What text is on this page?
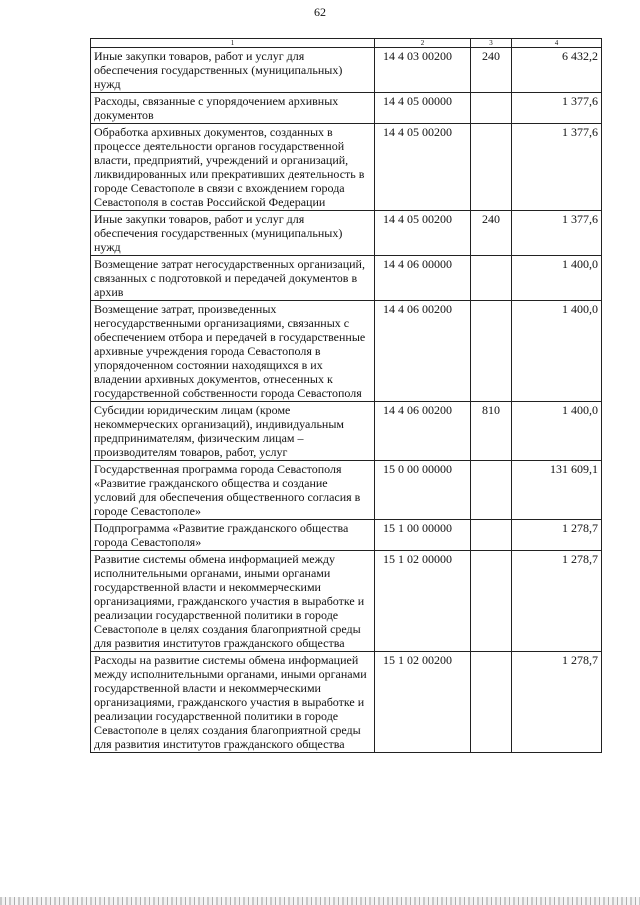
62
1	2	3	4
Иные закупки товаров, работ и услуг для обеспечения государственных (муниципальных) нужд	14 4 03 00200	240	6 432,2
Расходы, связанные с упорядочением архивных документов	14 4 05 00000		1 377,6
Обработка архивных документов, созданных в процессе деятельности органов государственной власти, предприятий, учреждений и организаций, ликвидированных или прекративших деятельность в городе Севастополе в связи с вхождением города Севастополя в состав Российской Федерации	14 4 05 00200		1 377,6
Иные закупки товаров, работ и услуг для обеспечения государственных (муниципальных) нужд	14 4 05 00200	240	1 377,6
Возмещение затрат негосударственных организаций, связанных с подготовкой и передачей документов в архив	14 4 06 00000		1 400,0
Возмещение затрат, произведенных негосударственными организациями, связанных с обеспечением отбора и передачей в государственные архивные учреждения города Севастополя в упорядоченном состоянии находящихся в их владении архивных документов, отнесенных к государственной собственности города Севастополя	14 4 06 00200		1 400,0
Субсидии юридическим лицам (кроме некоммерческих организаций), индивидуальным предпринимателям, физическим лицам – производителям товаров, работ, услуг	14 4 06 00200	810	1 400,0
Государственная программа города Севастополя «Развитие гражданского общества и создание условий для обеспечения общественного согласия в городе Севастополе»	15 0 00 00000		131 609,1
Подпрограмма «Развитие гражданского общества города Севастополя»	15 1 00 00000		1 278,7
Развитие системы обмена информацией между исполнительными органами, иными органами государственной власти и некоммерческими организациями, гражданского участия в выработке и реализации государственной политики в городе Севастополе в целях создания благоприятной среды для развития институтов гражданского общества	15 1 02 00000		1 278,7
Расходы на развитие системы обмена информацией между исполнительными органами, иными органами государственной власти и некоммерческими организациями, гражданского участия в выработке и реализации государственной политики в городе Севастополе в целях создания благоприятной среды для развития институтов гражданского общества	15 1 02 00200		1 278,7
